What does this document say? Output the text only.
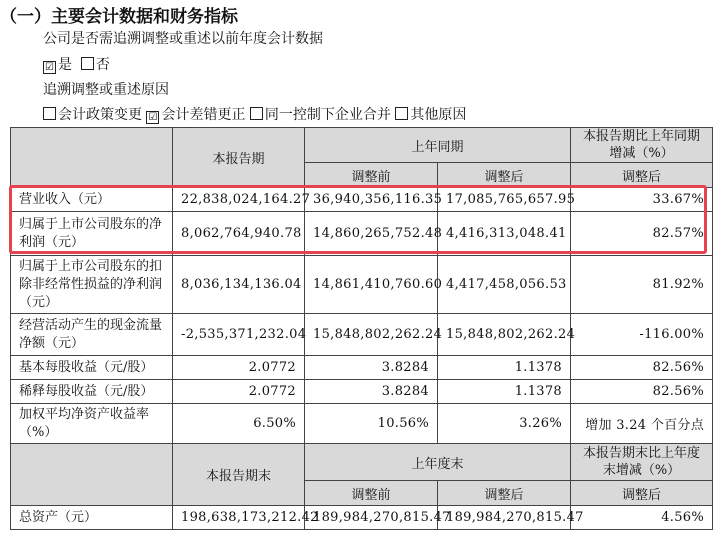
（一）主要会计数据和财务指标
公司是否需追溯调整或重述以前年度会计数据
☑ 是 否
追溯调整或重述原因
会计政策变更 ☑ 会计差错更正 同一控制下企业合并 其他原因
	本报告期	上年同期		本报告期比上年同期增减（%）
		调整前	调整后	调整后
营业收入（元）	22,838,024,164.27	36,940,356,116.35	17,085,765,657.95	33.67%
归属于上市公司股东的净利润（元）	8,062,764,940.78	14,860,265,752.48	4,416,313,048.41	82.57%
归属于上市公司股东的扣除非经常性损益的净利润（元）	8,036,134,136.04	14,861,410,760.60	4,417,458,056.53	81.92%
经营活动产生的现金流量净额（元）	-2,535,371,232.04	15,848,802,262.24	15,848,802,262.24	-116.00%
基本每股收益（元/股）	2.0772	3.8284	1.1378	82.56%
稀释每股收益（元/股）	2.0772	3.8284	1.1378	82.56%
加权平均净资产收益率（%）	6.50%	10.56%	3.26%	增加 3.24 个百分点
	本报告期末	上年度末		本报告期末比上年度末增减（%）
		调整前	调整后	调整后
总资产（元）	198,638,173,212.42	189,984,270,815.47	189,984,270,815.47	4.56%
